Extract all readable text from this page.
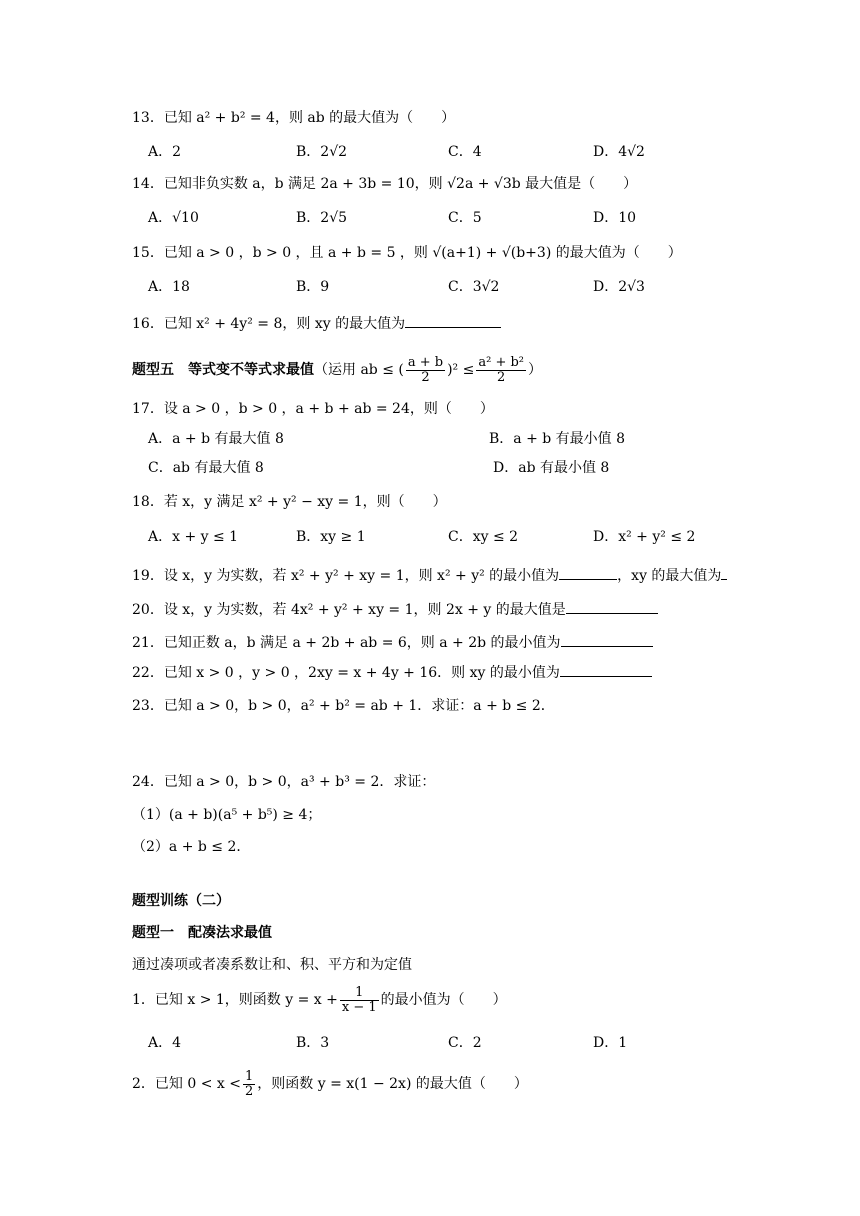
13．已知 a² + b² = 4，则 ab 的最大值为（　　）
A．2	B．2√2	C．4	D．4√2
14．已知非负实数 a，b 满足 2a + 3b = 10，则 √2a + √3b 最大值是（　　）
A．√10	B．2√5	C．5	D．10
15．已知 a > 0 ，b > 0 ，且 a + b = 5 ，则 √(a+1) + √(b+3) 的最大值为（　　）
A．18	B．9	C．3√2	D．2√3
16．已知 x² + 4y² = 8，则 xy 的最大值为
题型五　等式变不等式求最值（运用 ab ≤ ( $\frac{a + b}{2} )^2 \le \frac{\text{a² + b²}}{2}$ ）
17．设 a > 0 ，b > 0 ，a + b + ab = 24，则（　　）
A．a + b 有最大值 8	B．a + b 有最小值 8
C．ab 有最大值 8	D．ab 有最小值 8
18．若 x，y 满足 x² + y² − xy = 1，则（　　）
A．x + y ≤ 1	B．xy ≥ 1	C．xy ≤ 2	D．x² + y² ≤ 2
19．设 x，y 为实数，若 x² + y² + xy = 1，则 x² + y² 的最小值为	，xy 的最大值为
20．设 x，y 为实数，若 4x² + y² + xy = 1，则 2x + y 的最大值是
21．已知正数 a，b 满足 a + 2b + ab = 6，则 a + 2b 的最小值为
22．已知 x > 0 ，y > 0 ，2xy = x + 4y + 16．则 xy 的最小值为
23．已知 a > 0，b > 0，a² + b² = ab + 1．求证：a + b ≤ 2．
24．已知 a > 0，b > 0，a³ + b³ = 2．求证：
（1）(a + b)(a⁵ + b⁵) ≥ 4；
（2）a + b ≤ 2．
题型训练（二）
题型一　配凑法求最值
通过凑项或者凑系数让和、积、平方和为定值
1．已知 x > 1，则函数 $y = x + \frac{1}{x - 1}$ 的最小值为（　　）
A．4	B．3	C．2	D．1
2．已知 $0 < x < \frac{1}{2}$ ，则函数 y = x(1 − 2x) 的最大值（　　）
